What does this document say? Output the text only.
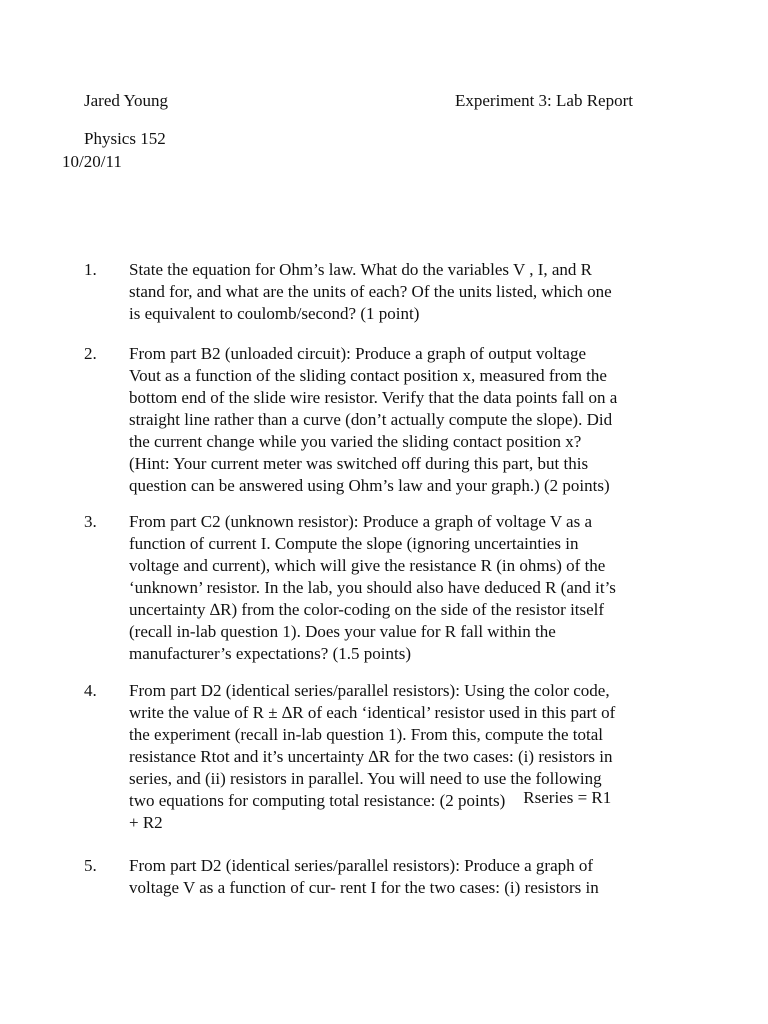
Jared Young	Experiment 3: Lab Report
Physics 152
10/20/11
1. State the equation for Ohm’s law. What do the variables V , I, and R
stand for, and what are the units of each? Of the units listed, which one
is equivalent to coulomb/second? (1 point)
2. From part B2 (unloaded circuit): Produce a graph of output voltage
Vout as a function of the sliding contact position x, measured from the
bottom end of the slide wire resistor. Verify that the data points fall on a
straight line rather than a curve (don’t actually compute the slope). Did
the current change while you varied the sliding contact position x?
(Hint: Your current meter was switched off during this part, but this
question can be answered using Ohm’s law and your graph.) (2 points)
3. From part C2 (unknown resistor): Produce a graph of voltage V as a
function of current I. Compute the slope (ignoring uncertainties in
voltage and current), which will give the resistance R (in ohms) of the
‘unknown’ resistor. In the lab, you should also have deduced R (and it’s
uncertainty ∆R) from the color-coding on the side of the resistor itself
(recall in-lab question 1). Does your value for R fall within the
manufacturer’s expectations? (1.5 points)
4. From part D2 (identical series/parallel resistors): Using the color code,
write the value of R ± ∆R of each ‘identical’ resistor used in this part of
the experiment (recall in-lab question 1). From this, compute the total
resistance Rtot and it’s uncertainty ∆R for the two cases: (i) resistors in
series, and (ii) resistors in parallel. You will need to use the following
two equations for computing total resistance: (2 points) Rseries = R1
+ R2
5. From part D2 (identical series/parallel resistors): Produce a graph of
voltage V as a function of cur- rent I for the two cases: (i) resistors in
